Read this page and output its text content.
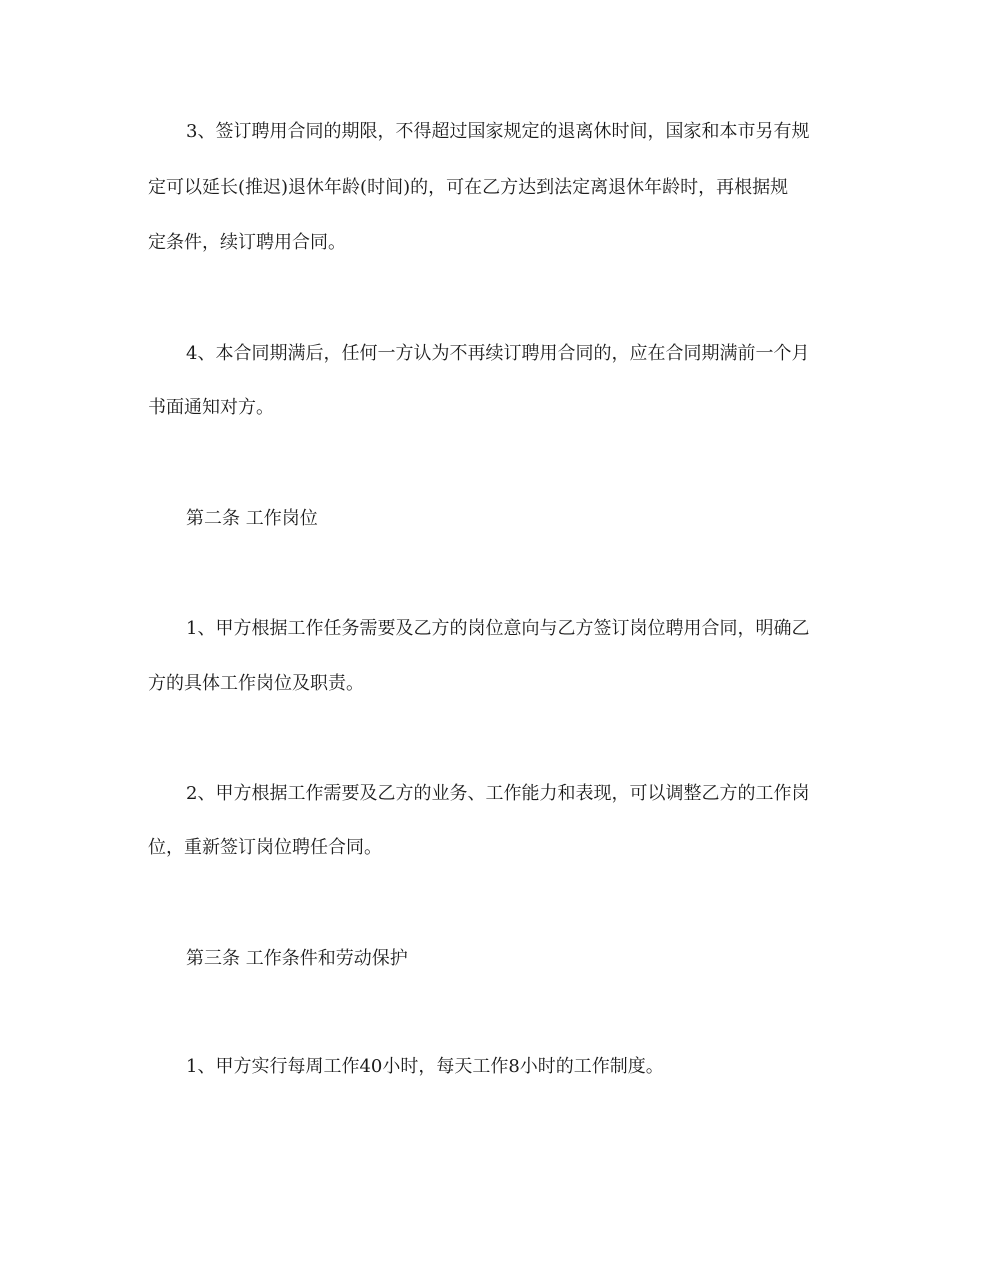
3、签订聘用合同的期限，不得超过国家规定的退离休时间，国家和本市另有规
定可以延长(推迟)退休年龄(时间)的，可在乙方达到法定离退休年龄时，再根据规
定条件，续订聘用合同。
4、本合同期满后，任何一方认为不再续订聘用合同的，应在合同期满前一个月
书面通知对方。
第二条 工作岗位
1、甲方根据工作任务需要及乙方的岗位意向与乙方签订岗位聘用合同，明确乙
方的具体工作岗位及职责。
2、甲方根据工作需要及乙方的业务、工作能力和表现，可以调整乙方的工作岗
位，重新签订岗位聘任合同。
第三条 工作条件和劳动保护
1、甲方实行每周工作40小时，每天工作8小时的工作制度。
